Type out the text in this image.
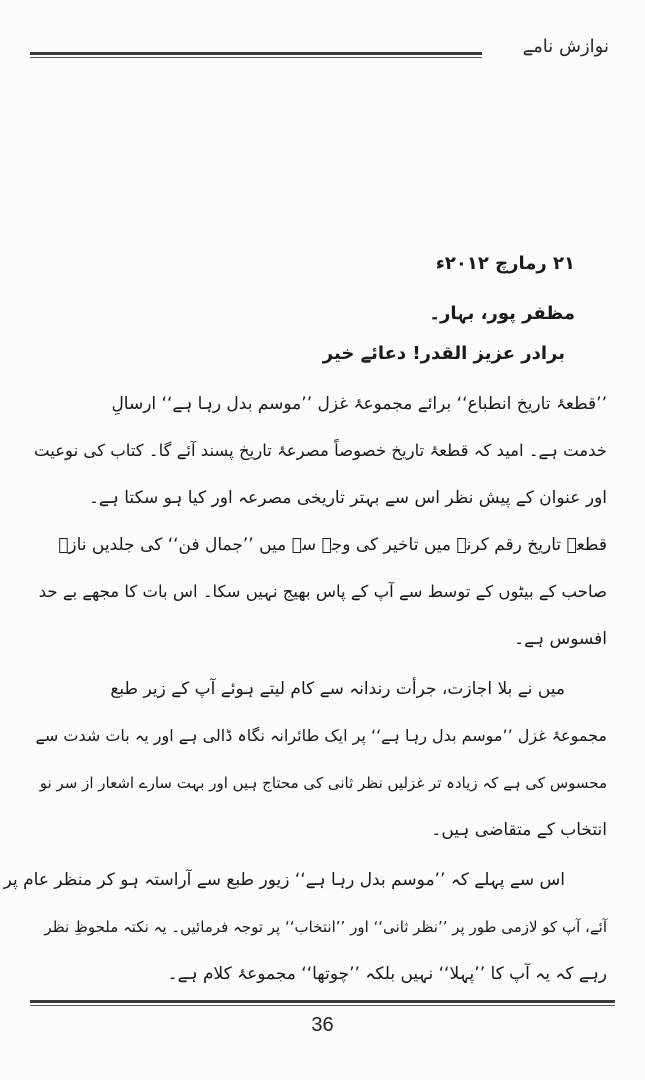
نوازش نامے
۲۱ رمارچ ۲۰۱۲ء
مظفر پور، بہار۔
برادر عزیز القدر! دعائے خیر
’’قطعۂ تاریخ انطباع‘‘ برائے مجموعۂ غزل ’’موسم بدل رہا ہے‘‘ ارسالِ
خدمت ہے۔ امید کہ قطعۂ تاریخ خصوصاً مصرعۂ تاریخ پسند آئے گا۔ کتاب کی نوعیت
اور عنوان کے پیش نظر اس سے بہتر تاریخی مصرعہ اور کیا ہو سکتا ہے۔
قطعۂ تاریخ رقم کرنے میں تاخیر کی وجہ سے میں ’’جمال فن‘‘ کی جلدیں نازؔ
صاحب کے بیٹوں کے توسط سے آپ کے پاس بھیج نہیں سکا۔ اس بات کا مجھے بے حد
افسوس ہے۔
میں نے بلا اجازت، جرأت رندانہ سے کام لیتے ہوئے آپ کے زیر طبع
مجموعۂ غزل ’’موسم بدل رہا ہے‘‘ پر ایک طائرانہ نگاہ ڈالی ہے اور یہ بات شدت سے
محسوس کی ہے کہ زیادہ تر غزلیں نظر ثانی کی محتاج ہیں اور بہت سارے اشعار از سر نو
انتخاب کے متقاضی ہیں۔
اس سے پہلے کہ ’’موسم بدل رہا ہے‘‘ زیور طبع سے آراستہ ہو کر منظر عام پر
آئے، آپ کو لازمی طور پر ’’نظر ثانی‘‘ اور ’’انتخاب‘‘ پر توجہ فرمائیں۔ یہ نکتہ ملحوظِ نظر
رہے کہ یہ آپ کا ’’پہلا‘‘ نہیں بلکہ ’’چوتھا‘‘ مجموعۂ کلام ہے۔
36
